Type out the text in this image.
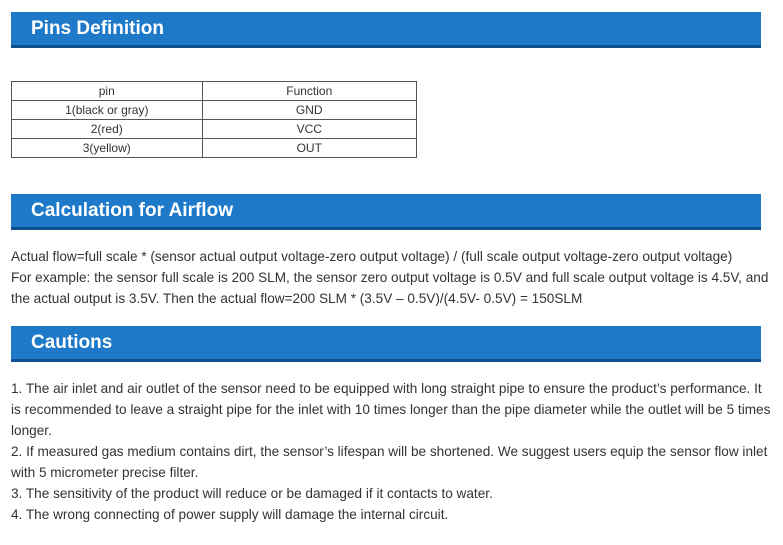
Pins Definition
pin	Function
1(black or gray)	GND
2(red)	VCC
3(yellow)	OUT
Calculation for Airflow

Actual flow=full scale * (sensor actual output voltage-zero output voltage) / (full scale output voltage-zero output voltage)

For example: the sensor full scale is 200 SLM, the sensor zero output voltage is 0.5V and full scale output voltage is 4.5V, and the actual output is 3.5V. Then the actual flow=200 SLM * (3.5V – 0.5V)/(4.5V- 0.5V) = 150SLM

Cautions

1. The air inlet and air outlet of the sensor need to be equipped with long straight pipe to ensure the product’s performance. It is recommended to leave a straight pipe for the inlet with 10 times longer than the pipe diameter while the outlet will be 5 times longer.

2. If measured gas medium contains dirt, the sensor’s lifespan will be shortened. We suggest users equip the sensor flow inlet with 5 micrometer precise filter.

3. The sensitivity of the product will reduce or be damaged if it contacts to water.

4. The wrong connecting of power supply will damage the internal circuit.
